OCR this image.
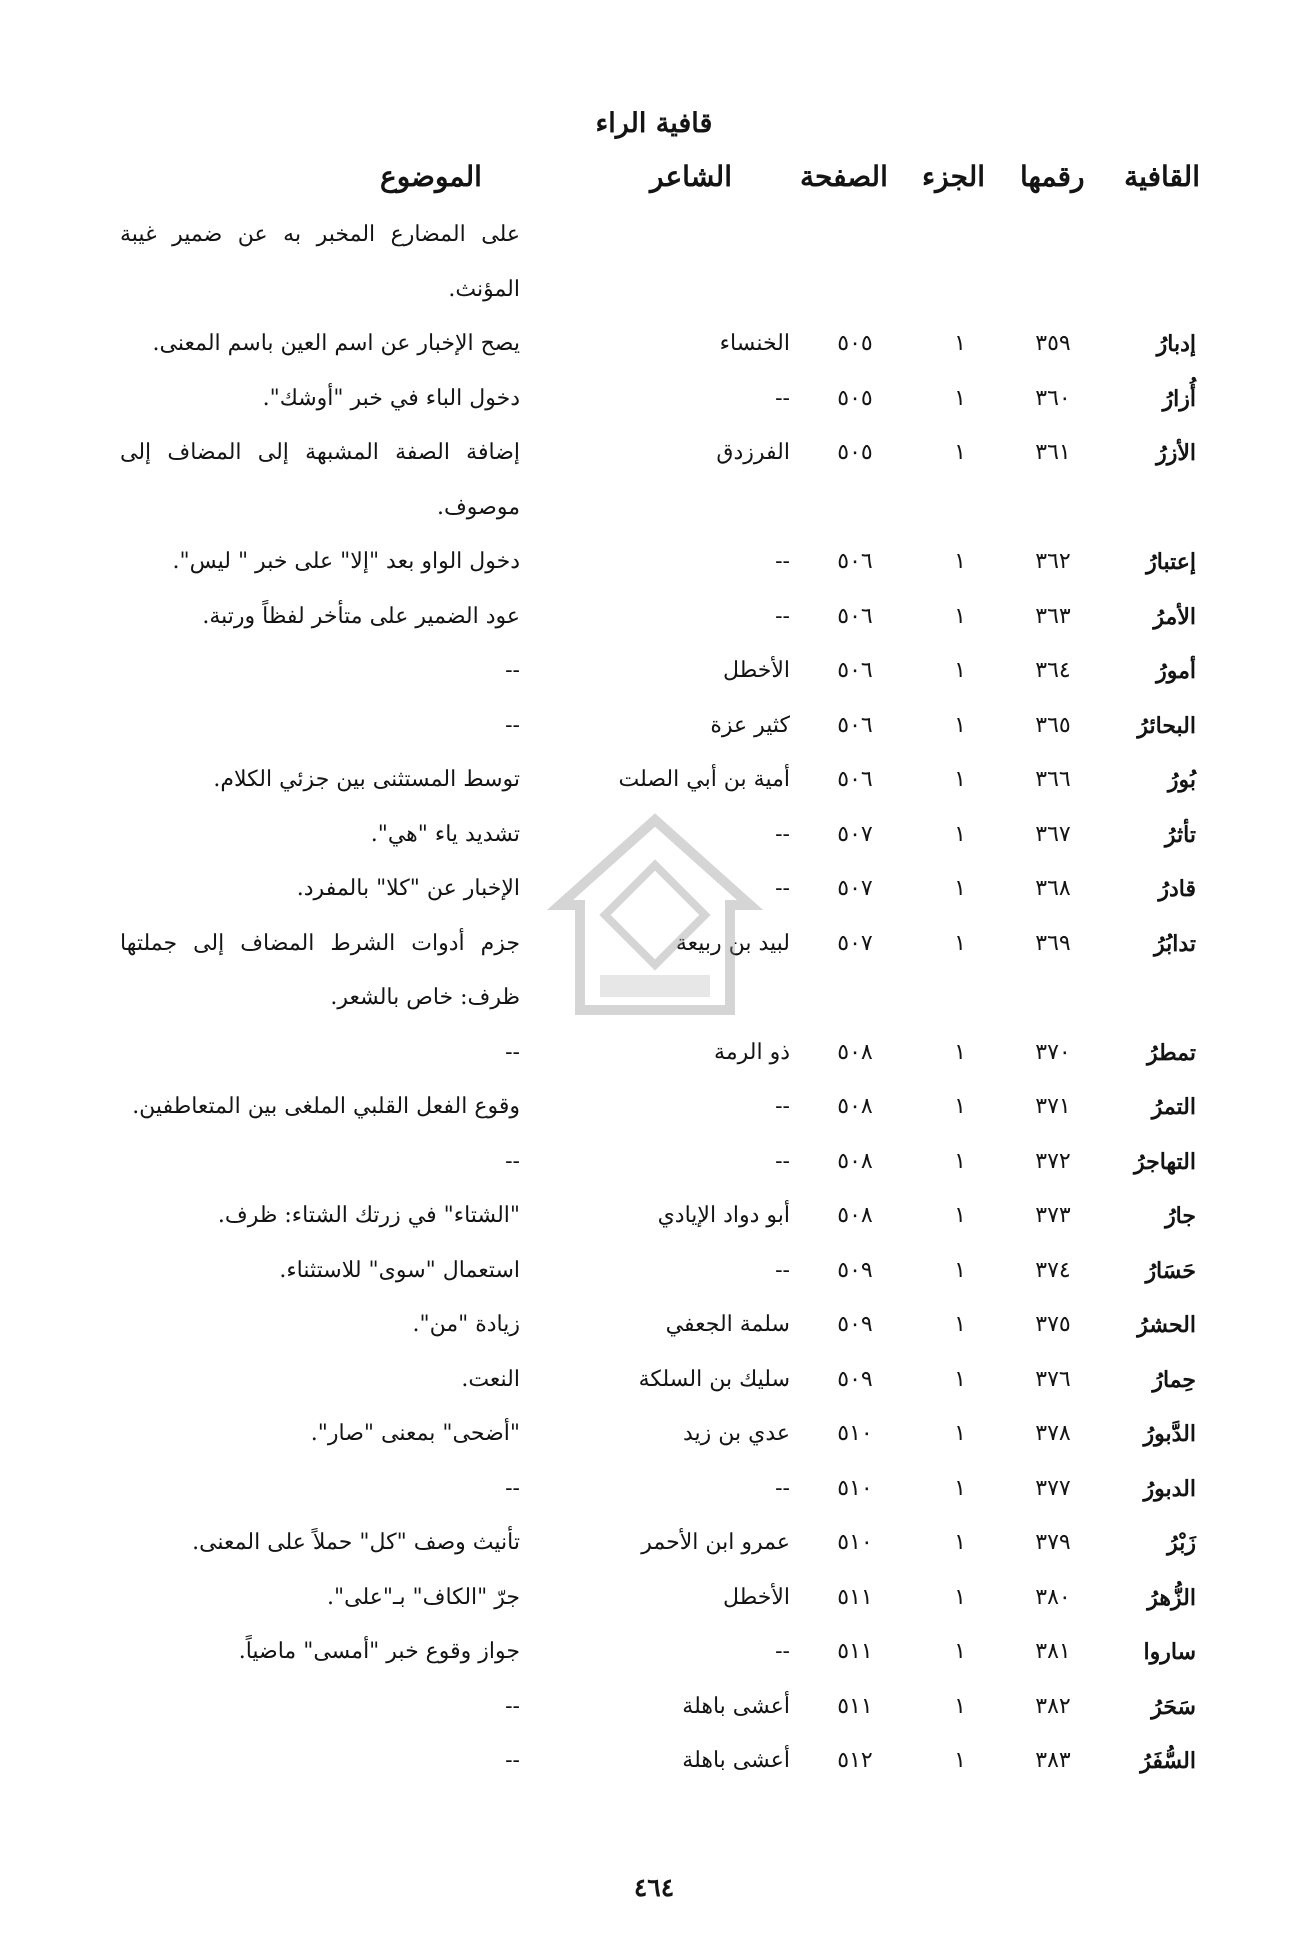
قافية الراء
القافية
رقمها
الجزء
الصفحة
الشاعر
الموضوع
على المضارع المخبر به عن ضمير غيبة
المؤنث.
إدبارُ
٣٥٩
١
٥٠٥
الخنساء
يصح الإخبار عن اسم العين باسم المعنى.
أُزارُ
٣٦٠
١
٥٠٥
--
دخول الباء في خبر "أوشك".
الأزرُ
٣٦١
١
٥٠٥
الفرزدق
إضافة الصفة المشبهة إلى المضاف إلى
موصوف.
إعتبارُ
٣٦٢
١
٥٠٦
--
دخول الواو بعد "إلا" على خبر " ليس".
الأمرُ
٣٦٣
١
٥٠٦
--
عود الضمير على متأخر لفظاً ورتبة.
أمورُ
٣٦٤
١
٥٠٦
الأخطل
--
البحائرُ
٣٦٥
١
٥٠٦
كثير عزة
--
بُورُ
٣٦٦
١
٥٠٦
أمية بن أبي الصلت
توسط المستثنى بين جزئي الكلام.
تأثرُ
٣٦٧
١
٥٠٧
--
تشديد ياء "هي".
قادرُ
٣٦٨
١
٥٠٧
--
الإخبار عن "كلا" بالمفرد.
تدابُرُ
٣٦٩
١
٥٠٧
لبيد بن ربيعة
جزم أدوات الشرط المضاف إلى جملتها
ظرف: خاص بالشعر.
تمطرُ
٣٧٠
١
٥٠٨
ذو الرمة
--
التمرُ
٣٧١
١
٥٠٨
--
وقوع الفعل القلبي الملغى بين المتعاطفين.
التهاجرُ
٣٧٢
١
٥٠٨
--
--
جارُ
٣٧٣
١
٥٠٨
أبو دواد الإيادي
"الشتاء" في زرتك الشتاء: ظرف.
حَسَارُ
٣٧٤
١
٥٠٩
--
استعمال "سوى" للاستثناء.
الحشرُ
٣٧٥
١
٥٠٩
سلمة الجعفي
زيادة "من".
حِمارُ
٣٧٦
١
٥٠٩
سليك بن السلكة
النعت.
الدَّبورُ
٣٧٨
١
٥١٠
عدي بن زيد
"أضحى" بمعنى "صار".
الدبورُ
٣٧٧
١
٥١٠
--
--
زَبْرُ
٣٧٩
١
٥١٠
عمرو ابن الأحمر
تأنيث وصف "كل" حملاً على المعنى.
الزُّهرُ
٣٨٠
١
٥١١
الأخطل
جرّ "الكاف" بـ"على".
ساروا
٣٨١
١
٥١١
--
جواز وقوع خبر "أمسى" ماضياً.
سَحَرُ
٣٨٢
١
٥١١
أعشى باهلة
--
السُّفَرُ
٣٨٣
١
٥١٢
أعشى باهلة
--
٤٦٤
